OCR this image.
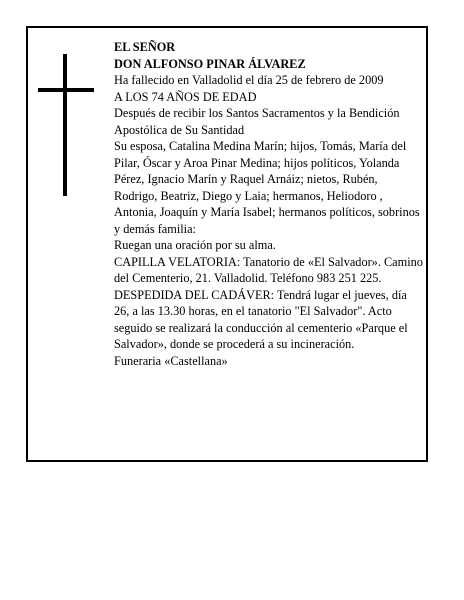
EL SEÑOR

DON ALFONSO PINAR ÁLVAREZ

Ha fallecido en Valladolid el día 25 de febrero de 2009

A LOS 74 AÑOS DE EDAD

Después de recibir los Santos Sacramentos y la Bendición Apostólica de Su Santidad

Su esposa, Catalina Medina Marín; hijos, Tomás, María del Pilar, Óscar y Aroa Pinar Medina; hijos políticos, Yolanda Pérez, Ignacio Marín y Raquel Arnáiz; nietos, Rubén, Rodrigo, Beatriz, Diego y Laia; hermanos, Heliodoro , Antonia, Joaquín y María Isabel; hermanos políticos, sobrinos y demás familia:

Ruegan una oración por su alma.

CAPILLA VELATORIA: Tanatorio de «El Salvador». Camino del Cementerio, 21. Valladolid. Teléfono 983 251 225.

DESPEDIDA DEL CADÁVER: Tendrá lugar el jueves, día 26, a las 13.30 horas, en el tanatorio "El Salvador". Acto seguido se realizará la conducción al cementerio «Parque el Salvador», donde se procederá a su incineración.

Funeraria «Castellana»
